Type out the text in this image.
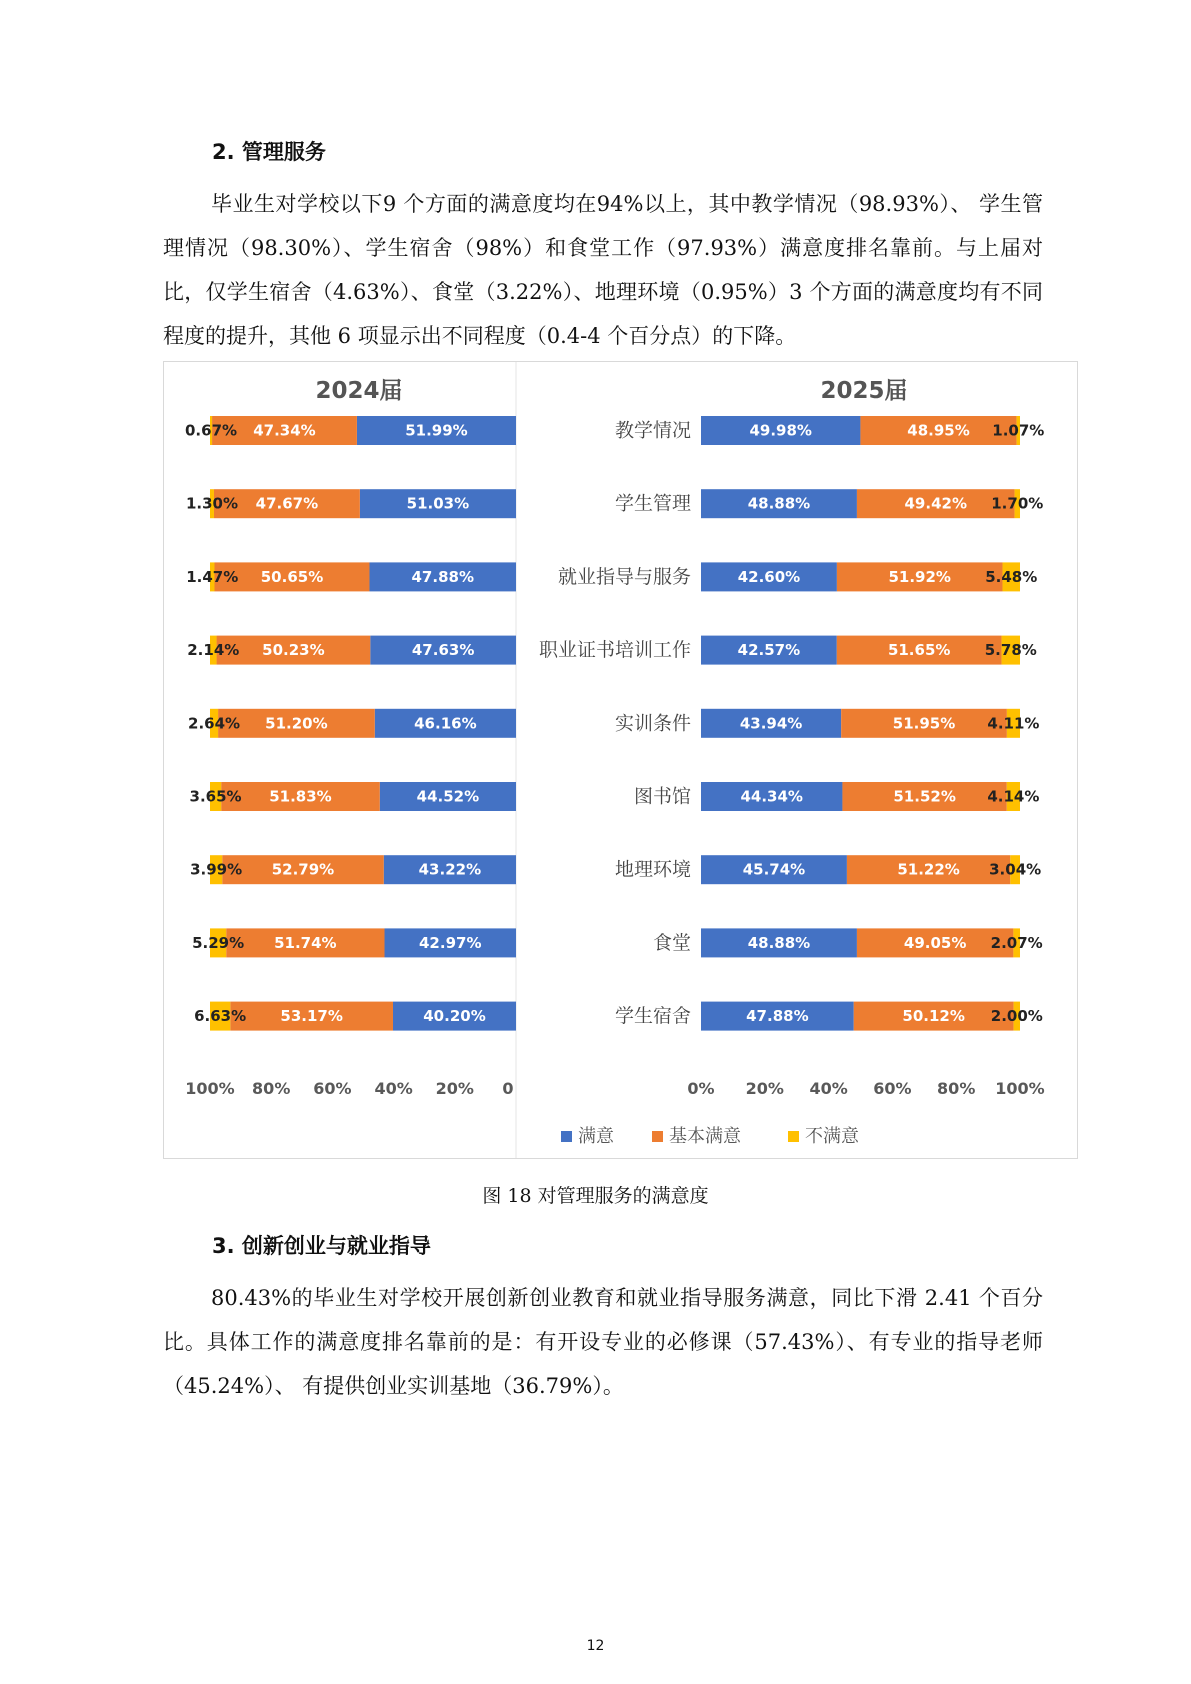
2. 管理服务

毕业生对学校以下9 个方面的满意度均在94%以上，其中教学情况（98.93%）、 学生管理情况（98.30%）、学生宿舍（98%）和食堂工作（97.93%）满意度排名靠前。与上届对比，仅学生宿舍（4.63%）、食堂（3.22%）、地理环境（0.95%）3 个方面的满意度均有不同程度的提升，其他 6 项显示出不同程度（0.4-4 个百分点）的下降。

2024届	2025届
51.99%
47.34%
0.67%
51.03%
47.67%
1.30%
47.88%
50.65%
1.47%
47.63%
50.23%
2.14%
46.16%
51.20%
2.64%
44.52%
51.83%
3.65%
43.22%
52.79%
3.99%
42.97%
51.74%
5.29%
40.20%
53.17%
6.63%
49.98%	48.95% 1.07%
48.88%	49.42% 1.70%
42.60%	51.92% 5.48%
42.57%	51.65% 5.78%
43.94%	51.95% 4.11%
44.34%	51.52% 4.14%
45.74%	51.22% 3.04%
48.88%	49.05% 2.07%
47.88%	50.12% 2.00%
教学情况
学生管理
就业指导与服务
职业证书培训工作
实训条件
图书馆
地理环境
食堂
学生宿舍
100% 80% 60% 40% 20% 0	0% 20% 40% 60% 80% 100%
满意	基本满意	不满意
图 18 对管理服务的满意度
3. 创新创业与就业指导

80.43%的毕业生对学校开展创新创业教育和就业指导服务满意，同比下滑 2.41 个百分比。具体工作的满意度排名靠前的是：有开设专业的必修课（57.43%）、有专业的指导老师（45.24%）、 有提供创业实训基地（36.79%）。

12
